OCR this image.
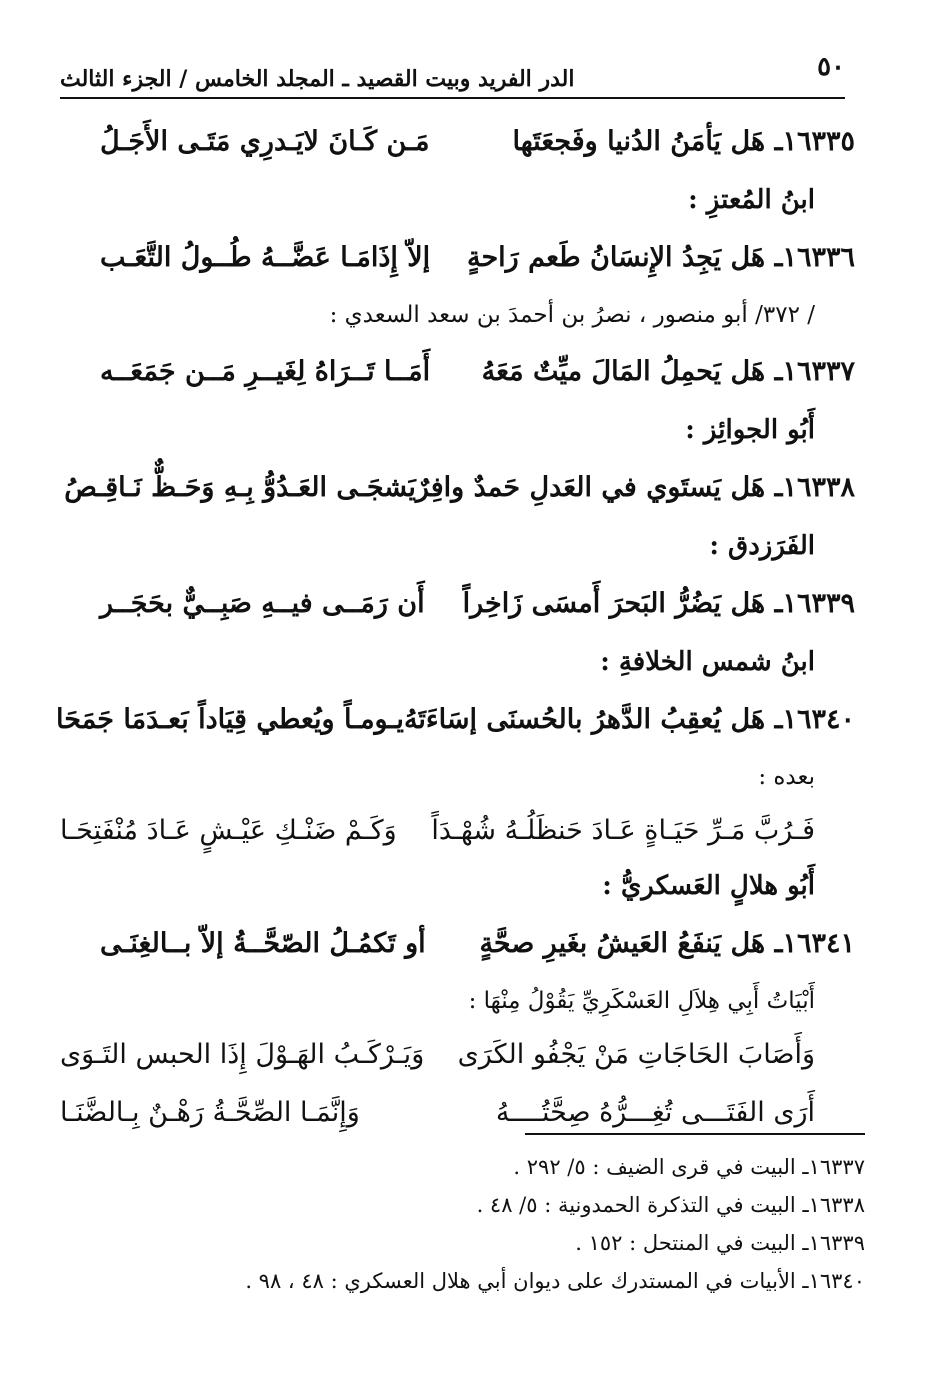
٥٠
الدر الفريد وبيت القصيد ـ المجلد الخامس / الجزء الثالث
١٦٣٣٥ـ هَل يَأمَنُ الدُنيا وفَجعَتَها
مَـن كَـانَ لايَـدرِي مَتَـى الأَجَـلُ
ابنُ المُعتزِ :
١٦٣٣٦ـ هَل يَجِدُ الإِنسَانُ طَعم رَاحةٍ
إلاّ إِذَامَـا عَضَّــهُ طُــولُ التَّعَـب
/ ٣٧٢/ أبو منصور ، نصرُ بن أحمدَ بن سعد السعدي :
١٦٣٣٧ـ هَل يَحمِلُ المَالَ ميِّتٌ مَعَهُ
أَمَــا تَــرَاهُ لِغَيــرِ مَــن جَمَعَــه
أَبُو الجوائِز :
١٦٣٣٨ـ هَل يَستَوي في العَدلِ حَمدٌ وافِرٌ
يَشجَـى العَـدُوُّ بِـهِ وَحَـظٌّ نَـاقِـصُ
الفَرَزدق :
١٦٣٣٩ـ هَل يَضُرُّ البَحرَ أَمسَى زَاخِراً
أَن رَمَــى فيــهِ صَبِــيٌّ بحَجَــر
ابنُ شمس الخلافةِ :
١٦٣٤٠ـ هَل يُعقِبُ الدَّهرُ بالحُسنَى إسَاءَتَهُ
يـومـاً ويُعطي قِيَاداً بَعـدَمَا جَمَحَا
بعده :
فَـرُبَّ مَـرِّ حَيَـاةٍ عَـادَ حَنظَلُـهُ شُهْـدَاً
وَكَـمْ ضَنْـكِ عَيْـشٍ عَـادَ مُنْفَتِحَـا
أَبُو هلالٍ العَسكريُّ :
١٦٣٤١ـ هَل يَنفَعُ العَيشُ بغَيرِ صحَّةٍ
أو تَكمُـلُ الصّحَّــةُ إلاّ بــالغِنَـى
أَبْيَاتُ أَبِي هِلاَلِ العَسْكَرِيِّ يَقُوْلُ مِنْهَا :
وَأَصَابَ الحَاجَاتِ مَنْ يَجْفُو الكَرَى
وَيَـرْكَـبُ الهَـوْلَ إِذَا الحبس التَـوَى
أَرَى الفَتَـــى تُغِـــرُّهُ صِحَّتُــــهُ
وَإِنَّمَـا الصِّحَّـةُ رَهْـنٌ بِـالضَّنَـا
١٦٣٣٧ـ البيت في قرى الضيف : ٥/ ٢٩٢ .
١٦٣٣٨ـ البيت في التذكرة الحمدونية : ٥/ ٤٨ .
١٦٣٣٩ـ البيت في المنتحل : ١٥٢ .
١٦٣٤٠ـ الأبيات في المستدرك على ديوان أبي هلال العسكري : ٤٨ ، ٩٨ .
